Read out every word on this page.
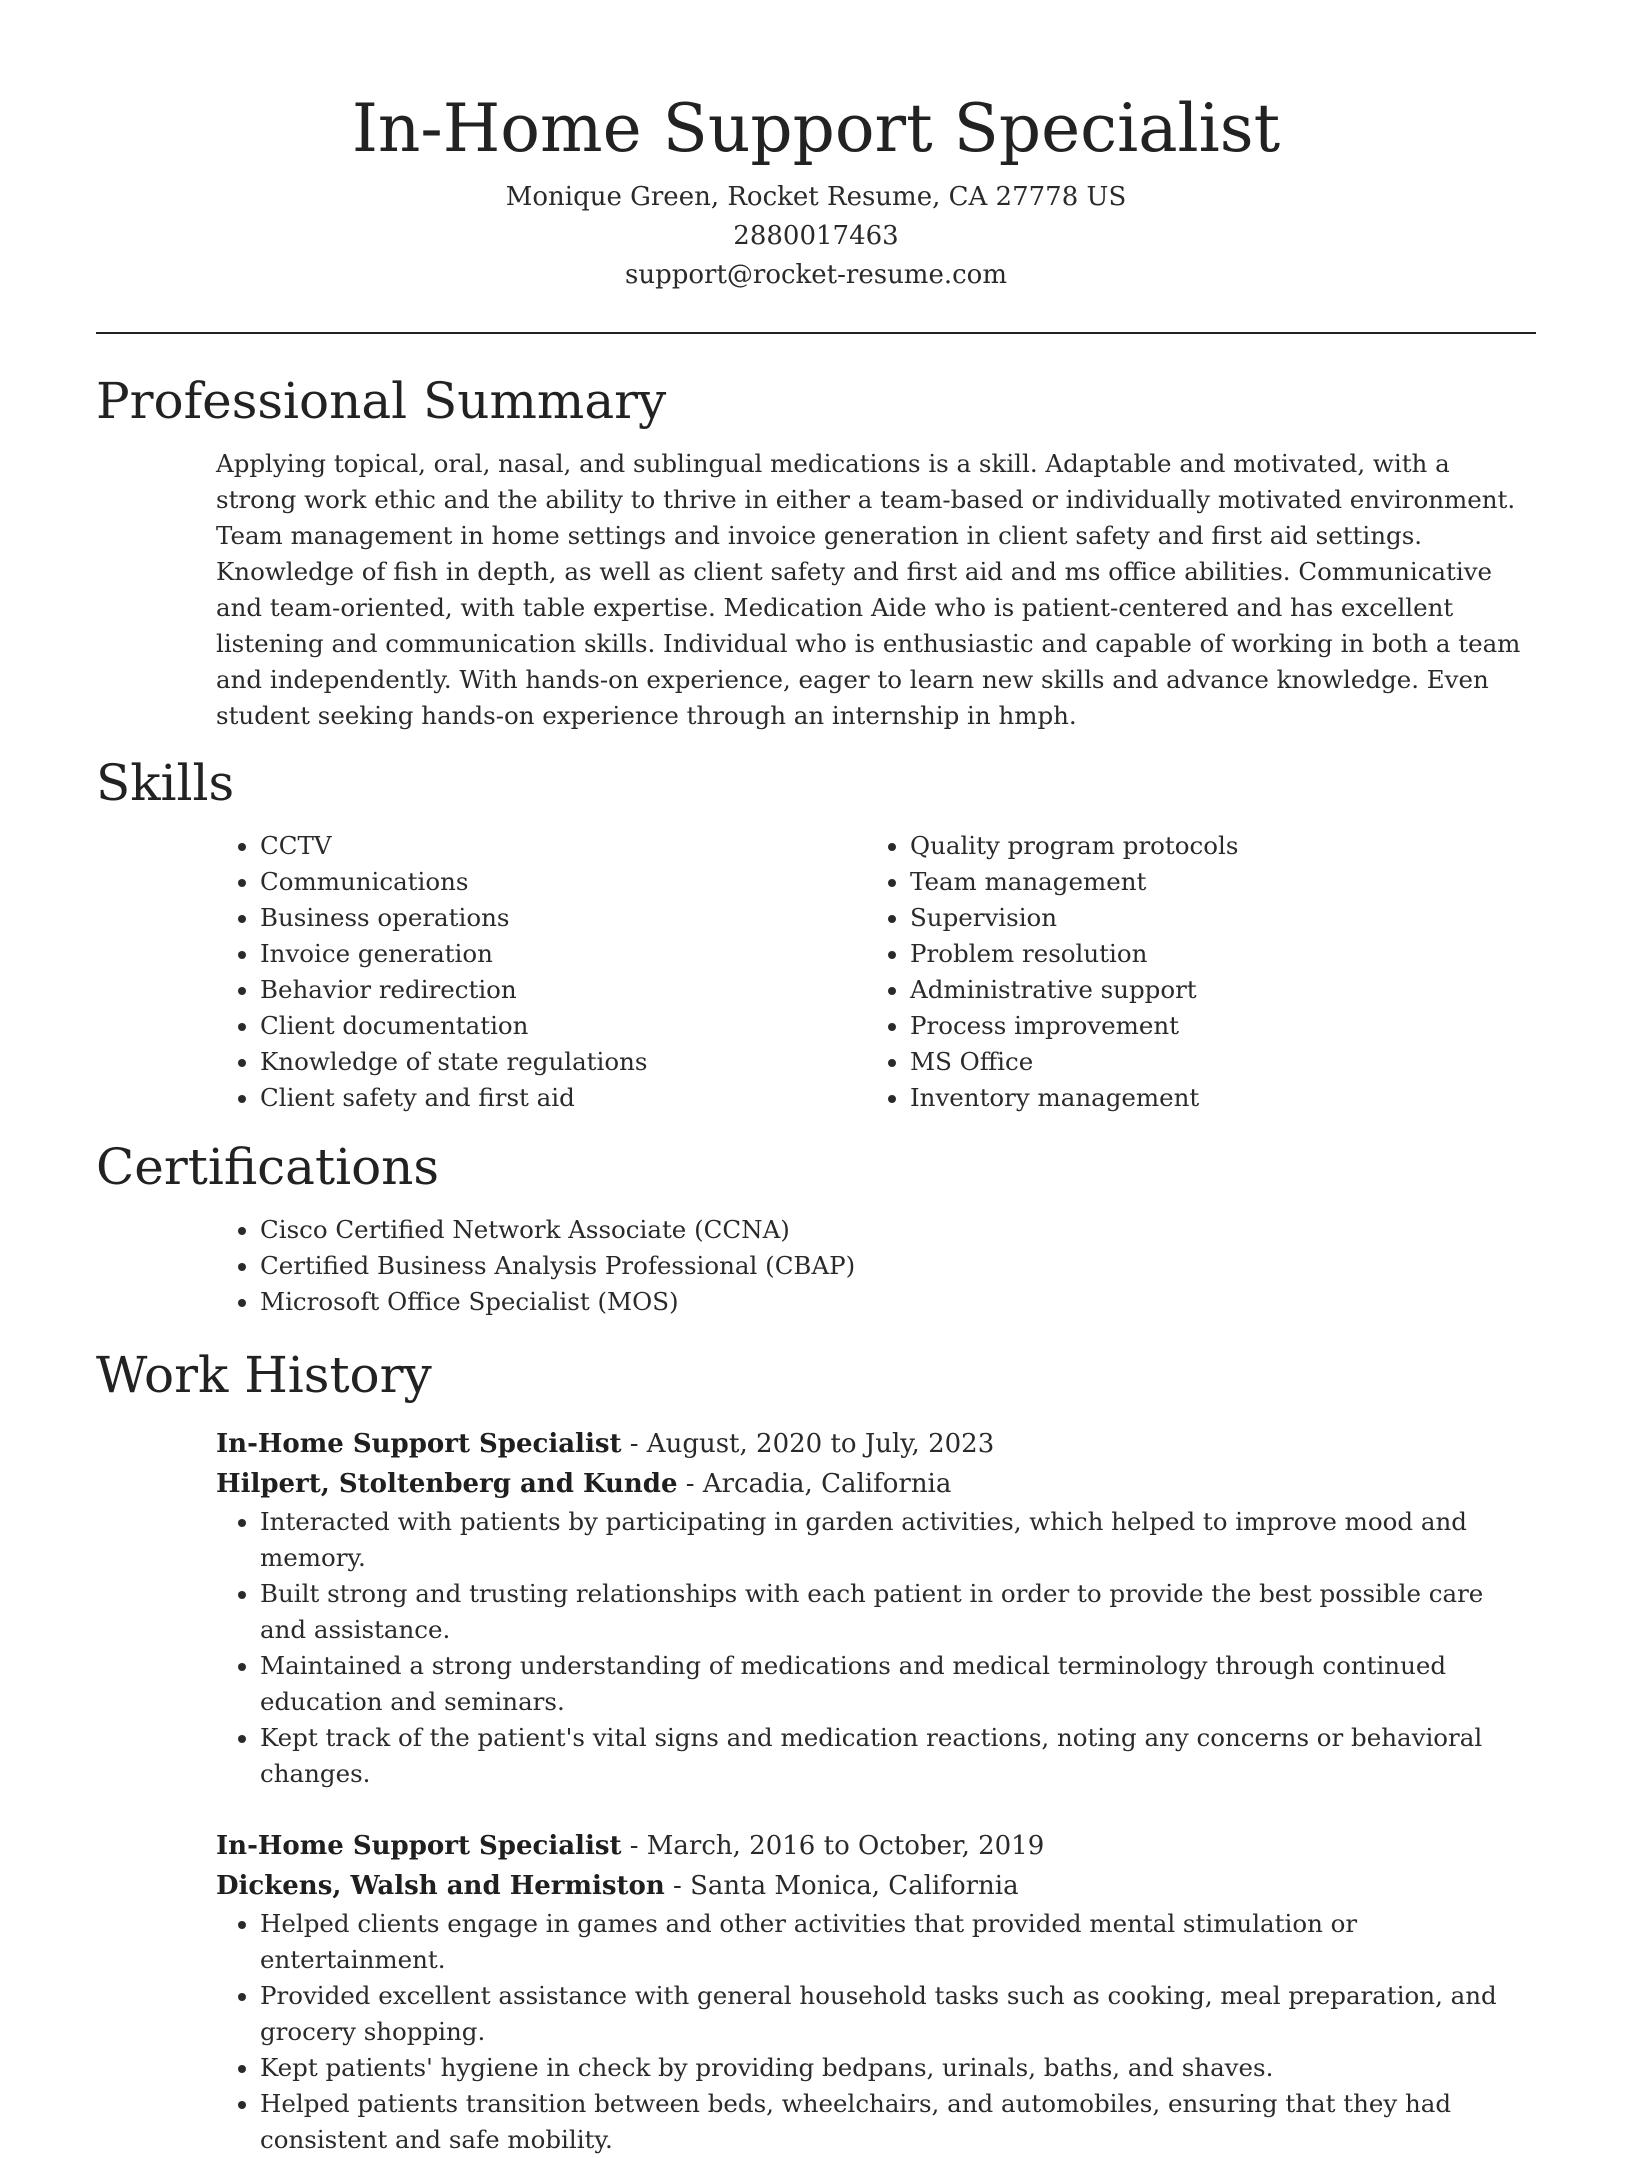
In-Home Support Specialist
Monique Green, Rocket Resume, CA 27778 US
2880017463
support@rocket-resume.com
Professional Summary
Applying topical, oral, nasal, and sublingual medications is a skill. Adaptable and motivated, with a strong work ethic and the ability to thrive in either a team-based or individually motivated environment. Team management in home settings and invoice generation in client safety and first aid settings. Knowledge of fish in depth, as well as client safety and first aid and ms office abilities. Communicative and team-oriented, with table expertise. Medication Aide who is patient-centered and has excellent listening and communication skills. Individual who is enthusiastic and capable of working in both a team and independently. With hands-on experience, eager to learn new skills and advance knowledge. Even student seeking hands-on experience through an internship in hmph.
Skills
• CCTV
• Communications
• Business operations
• Invoice generation
• Behavior redirection
• Client documentation
• Knowledge of state regulations
• Client safety and first aid
• Quality program protocols
• Team management
• Supervision
• Problem resolution
• Administrative support
• Process improvement
• MS Office
• Inventory management
Certifications
• Cisco Certified Network Associate (CCNA)
• Certified Business Analysis Professional (CBAP)
• Microsoft Office Specialist (MOS)
Work History
In-Home Support Specialist - August, 2020 to July, 2023
Hilpert, Stoltenberg and Kunde - Arcadia, California
• Interacted with patients by participating in garden activities, which helped to improve mood and memory.
• Built strong and trusting relationships with each patient in order to provide the best possible care and assistance.
• Maintained a strong understanding of medications and medical terminology through continued education and seminars.
• Kept track of the patient's vital signs and medication reactions, noting any concerns or behavioral changes.
In-Home Support Specialist - March, 2016 to October, 2019
Dickens, Walsh and Hermiston - Santa Monica, California
• Helped clients engage in games and other activities that provided mental stimulation or entertainment.
• Provided excellent assistance with general household tasks such as cooking, meal preparation, and grocery shopping.
• Kept patients' hygiene in check by providing bedpans, urinals, baths, and shaves.
• Helped patients transition between beds, wheelchairs, and automobiles, ensuring that they had consistent and safe mobility.
